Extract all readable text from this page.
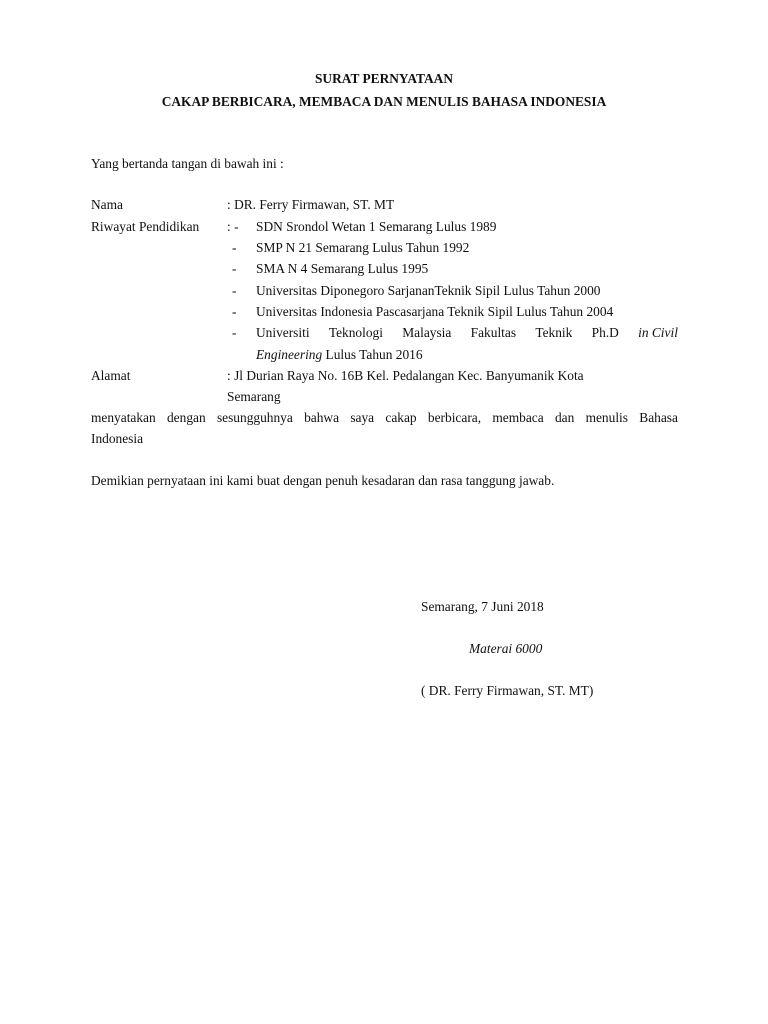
SURAT PERNYATAAN
CAKAP BERBICARA, MEMBACA DAN MENULIS BAHASA INDONESIA
Yang bertanda tangan di bawah ini :
Nama	: DR. Ferry Firmawan, ST. MT
Riwayat Pendidikan : - SDN Srondol Wetan 1 Semarang Lulus 1989
- SMP N 21 Semarang Lulus Tahun 1992
- SMA N 4 Semarang Lulus 1995
- Universitas Diponegoro SarjananTeknik Sipil Lulus Tahun 2000
- Universitas Indonesia Pascasarjana Teknik Sipil Lulus Tahun 2004
- Universiti Teknologi Malaysia Fakultas Teknik Ph.D in Civil
Engineering Lulus Tahun 2016
Alamat	: Jl Durian Raya No. 16B Kel. Pedalangan Kec. Banyumanik Kota
Semarang
menyatakan dengan sesungguhnya bahwa saya cakap berbicara, membaca dan menulis Bahasa
Indonesia
Demikian pernyataan ini kami buat dengan penuh kesadaran dan rasa tanggung jawab.
Semarang, 7 Juni 2018
Materai 6000
( DR. Ferry Firmawan, ST. MT)
